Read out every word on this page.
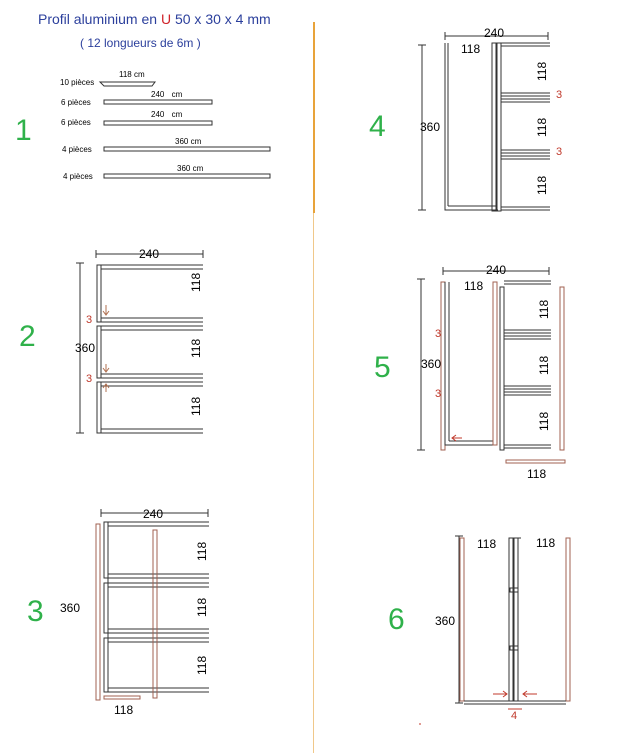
Profil aluminium en U 50 x 30 x 4 mm
( 12 longueurs de 6m )
1
2
3
4
5
6
10 pièces
118 cm
6 pièces
240 cm
6 pièces
240 cm
4 pièces
360 cm
4 pièces
360 cm
240
360
3
3
118
118
118
240
360
118
118
118
118
240
360
118
118
118
118
3
3
240
360
118
3
3
118
118
118
118
360
118	118
4
